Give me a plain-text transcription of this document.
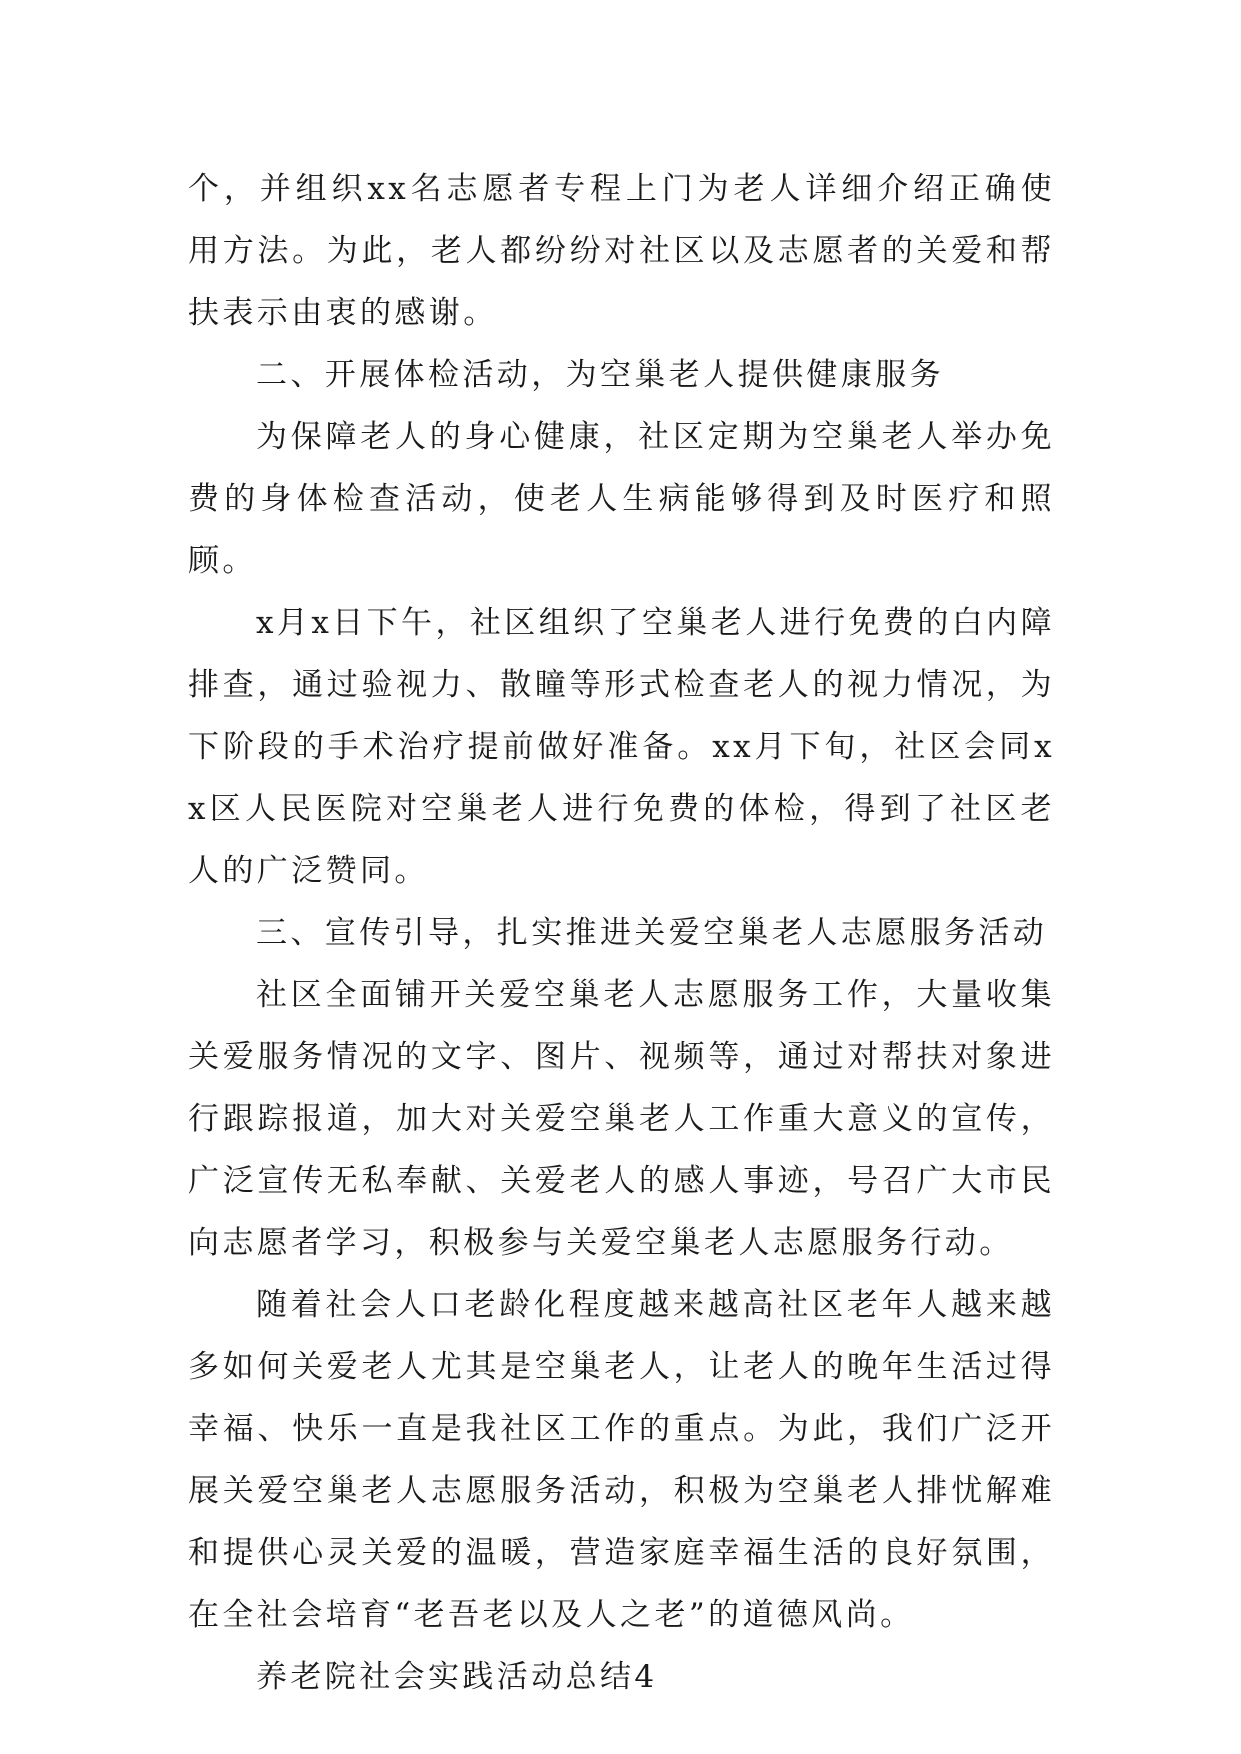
个，并组织xx名志愿者专程上门为老人详细介绍正确使用方法。为此，老人都纷纷对社区以及志愿者的关爱和帮扶表示由衷的感谢。

二、开展体检活动，为空巢老人提供健康服务

为保障老人的身心健康，社区定期为空巢老人举办免费的身体检查活动，使老人生病能够得到及时医疗和照顾。

x月x日下午，社区组织了空巢老人进行免费的白内障排查，通过验视力、散瞳等形式检查老人的视力情况，为下阶段的手术治疗提前做好准备。xx月下旬，社区会同xx区人民医院对空巢老人进行免费的体检，得到了社区老人的广泛赞同。

三、宣传引导，扎实推进关爱空巢老人志愿服务活动

社区全面铺开关爱空巢老人志愿服务工作，大量收集关爱服务情况的文字、图片、视频等，通过对帮扶对象进行跟踪报道，加大对关爱空巢老人工作重大意义的宣传，广泛宣传无私奉献、关爱老人的感人事迹，号召广大市民向志愿者学习，积极参与关爱空巢老人志愿服务行动。

随着社会人口老龄化程度越来越高社区老年人越来越多如何关爱老人尤其是空巢老人，让老人的晚年生活过得幸福、快乐一直是我社区工作的重点。为此，我们广泛开展关爱空巢老人志愿服务活动，积极为空巢老人排忧解难和提供心灵关爱的温暖，营造家庭幸福生活的良好氛围，在全社会培育“老吾老以及人之老”的道德风尚。

养老院社会实践活动总结4
